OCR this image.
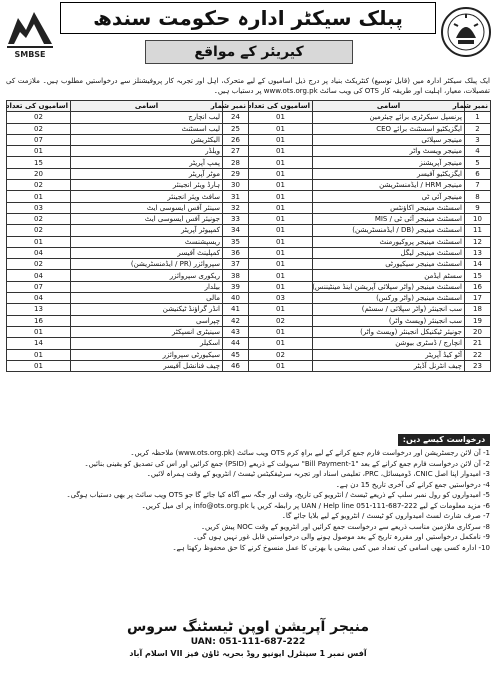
SMBSE
پبلک سیکٹر ادارہ حکومت سندھ
کیریئر کے مواقع
ایک پبلک سیکٹر ادارہ میں (قابل توسیع) کنٹریکٹ بنیاد پر درج ذیل اسامیوں کے لیے متحرک، اہل اور تجربہ کار پروفیشنلز سے درخواستیں مطلوب ہیں۔ ملازمت کی تفصیلات، معیار، اہلیت اور طریقہ کار OTS کی ویب سائٹ www.ots.org.pk پر دستیاب ہیں۔
نمبر شمار	اسامی	اسامیوں کی تعداد	نمبر شمار	اسامی	اسامیوں کی تعداد
1	پرنسپل سیکرٹری برائے چیئرمین	01	24	لیب انچارج	02
2	ایگزیکٹیو اسسٹنٹ برائے CEO	01	25	لیب اسسٹنٹ	02
3	مینیجر سپلائی	01	26	الیکٹریشن	07
4	مینیجر ویسٹ واٹر	01	27	ویلڈر	01
5	مینیجر آپریشنز	01	28	پمپ آپریٹر	15
6	ایگزیکٹیو آفیسر	01	29	موٹر آپریٹر	20
7	مینیجر HRM / ایڈمنسٹریشن	01	30	ہارڈ ویئر انجینئر	02
8	مینیجر آئی ٹی	01	31	سافٹ ویئر انجینئر	01
9	اسسٹنٹ مینیجر اکاؤنٹس	01	32	سینئر آفس ایسوسی ایٹ	03
10	اسسٹنٹ مینیجر آئی ٹی / MIS	01	33	جونیئر آفس ایسوسی ایٹ	02
11	اسسٹنٹ مینیجر (DB / ایڈمنسٹریشن)	01	34	کمپیوٹر آپریٹر	02
12	اسسٹنٹ مینیجر پروکیورمنٹ	01	35	ریسپشنسٹ	01
13	اسسٹنٹ مینیجر لیگل	01	36	کمپلینٹ آفیسر	04
14	اسسٹنٹ مینیجر سیکیورٹی	01	37	سپروائزر (PR / ایڈمنسٹریشن)	02
15	سسٹم ایڈمن	01	38	ریکوری سپروائزر	04
16	اسسٹنٹ مینیجر (واٹر سپلائی آپریشن اینڈ مینٹیننس)	01	39	بیلدار	07
17	اسسٹنٹ مینیجر (واٹر ورکس)	03	40	مالی	04
18	سب انجینئر (واٹر سپلائی / سسٹم)	01	41	انڈر گراؤنڈ ٹیکنیشن	13
19	سب انجینئر (ویسٹ واٹر)	02	42	چپراسی	16
20	جونیئر ٹیکنیکل انجینئر (ویسٹ واٹر)	01	43	سینیٹری انسپکٹر	01
21	انچارج / ڈسٹری بیوشن	01	44	اسکیلر	14
22	آٹو کیڈ آپریٹر	02	45	سیکیورٹی سپروائزر	01
23	چیف انٹرنل آڈیٹر	01	46	چیف فنانشل آفیسر	01
درخواست کیسے دیں:
1- آن لائن رجسٹریشن اور درخواست فارم جمع کرانے کے لیے براہِ کرم OTS ویب سائٹ (www.ots.org.pk) ملاحظہ کریں۔
2- آن لائن درخواست فارم جمع کرانے کے بعد "1-Bill Payment" سہولت کے ذریعے (PSID) جمع کرائیں اور اس کی تصدیق کو یقینی بنائیں۔
3- امیدوار اپنا اصل CNIC، ڈومیسائل، PRC، تعلیمی اسناد اور تجربہ سرٹیفکیٹس ٹیسٹ / انٹرویو کے وقت ہمراہ لائیں۔
4- درخواستیں جمع کرانے کی آخری تاریخ 15 دن ہے۔
5- امیدواروں کو رول نمبر سلپ کے ذریعے ٹیسٹ / انٹرویو کی تاریخ، وقت اور جگہ سے آگاہ کیا جائے گا جو OTS ویب سائٹ پر بھی دستیاب ہوگی۔
6- مزید معلومات کے لیے UAN / Help line 051-111-687-222 پر رابطہ کریں یا info@ots.org.pk پر ای میل کریں۔
7- صرف شارٹ لسٹ امیدواروں کو ٹیسٹ / انٹرویو کے لیے بلایا جائے گا۔
8- سرکاری ملازمین مناسب ذریعے سے درخواست جمع کرائیں اور انٹرویو کے وقت NOC پیش کریں۔
9- نامکمل درخواستیں اور مقررہ تاریخ کے بعد موصول ہونے والی درخواستیں قابل غور نہیں ہوں گی۔
10- ادارہ کسی بھی اسامی کی تعداد میں کمی بیشی یا بھرتی کا عمل منسوخ کرنے کا حق محفوظ رکھتا ہے۔
منیجر آپریشن اوپن ٹیسٹنگ سروس
UAN: 051-111-687-222
آفس نمبر 1 سینٹرل ایونیو روڈ بحریہ ٹاؤن فیز VII اسلام آباد
